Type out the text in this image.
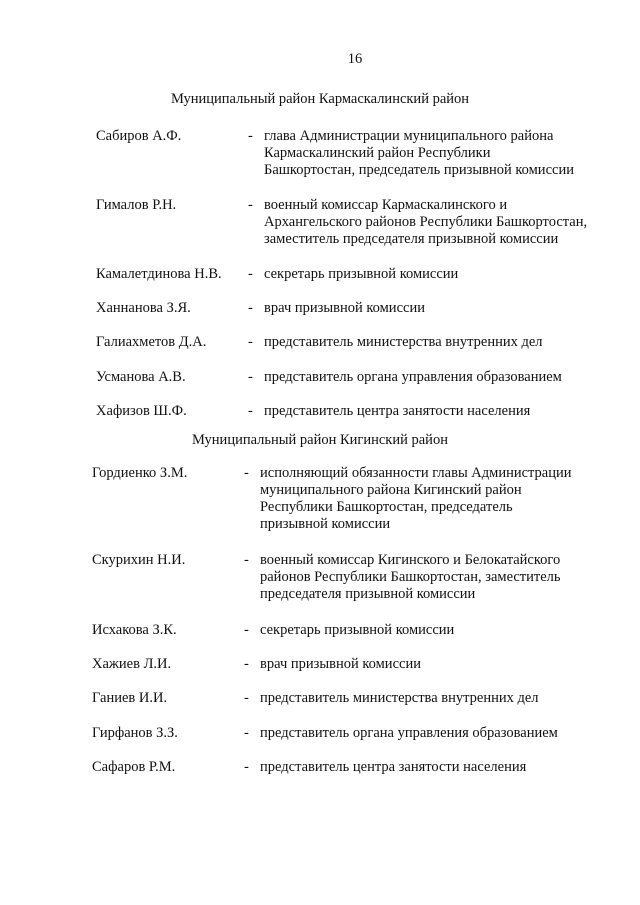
16
Муниципальный район Кармаскалинский район
Сабиров А.Ф.	- глава Администрации муниципального района
Кармаскалинский район Республики
Башкортостан, председатель призывной комиссии
Гималов Р.Н.	- военный комиссар Кармаскалинского и
Архангельского районов Республики Башкортостан,
заместитель председателя призывной комиссии
Камалетдинова Н.В. - секретарь призывной комиссии
Ханнанова З.Я.	- врач призывной комиссии
Галиахметов Д.А.	- представитель министерства внутренних дел
Усманова А.В.	- представитель органа управления образованием
Хафизов Ш.Ф.	- представитель центра занятости населения
Муниципальный район Кигинский район
Гордиенко З.М.	- исполняющий обязанности главы Администрации
муниципального района Кигинский район
Республики Башкортостан, председатель
призывной комиссии
Скурихин Н.И.	- военный комиссар Кигинского и Белокатайского
районов Республики Башкортостан, заместитель
председателя призывной комиссии
Исхакова З.К.	- секретарь призывной комиссии
Хажиев Л.И.	- врач призывной комиссии
Ганиев И.И.	- представитель министерства внутренних дел
Гирфанов З.З.	- представитель органа управления образованием
Сафаров Р.М.	- представитель центра занятости населения
